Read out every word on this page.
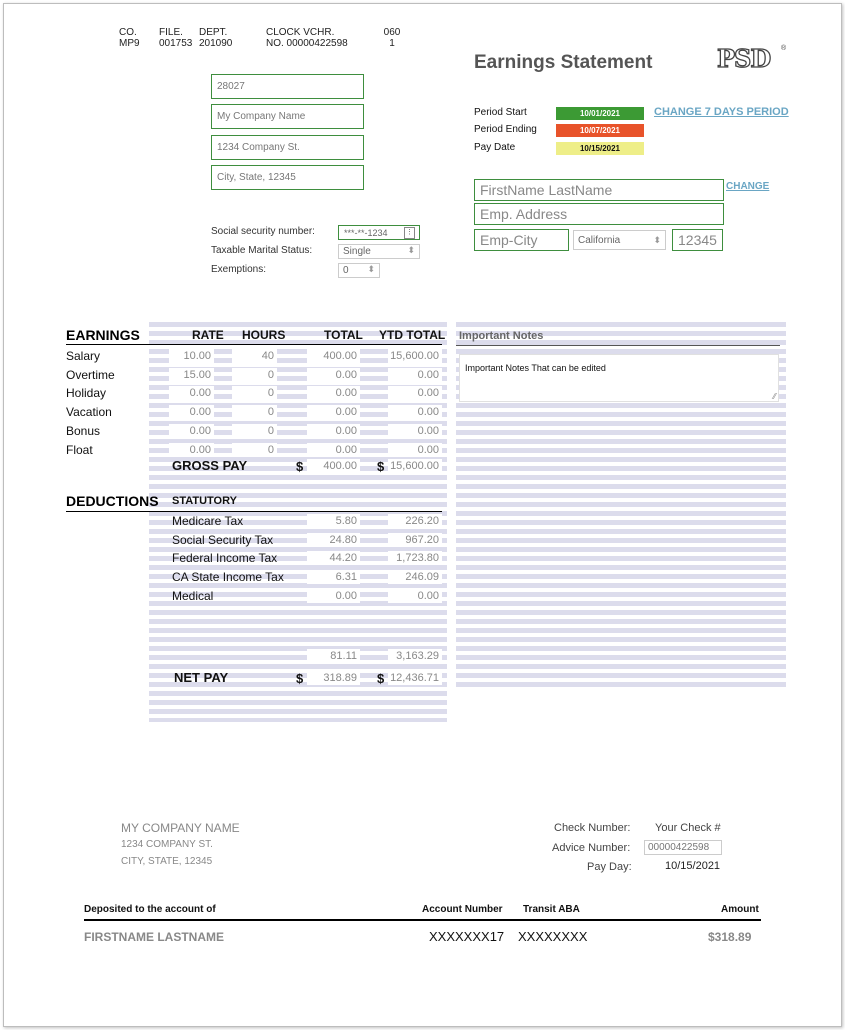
CO.
MP9
FILE.
001753
DEPT.
201090
CLOCK VCHR.
NO. 00000422598
060
1
28027
My Company Name
1234 Company St.
City, State, 12345
Social security number:	***-**-1234	⋮
Taxable Marital Status:	Single	⬍
Exemptions:	0 ⬍
Earnings Statement	PSD ®
Period Start	10/01/2021
Period Ending	10/07/2021
Pay Date	10/15/2021
CHANGE 7 DAYS PERIOD
FirstName LastName	CHANGE
Emp. Address
Emp-City	California	⬍	12345
EARNINGS	RATE HOURS	TOTAL YTD TOTAL
Salary	10.00	40	400.00	15,600.00
Overtime	15.00	0	0.00	0.00
Holiday	0.00	0	0.00	0.00
Vacation	0.00	0	0.00	0.00
Bonus	0.00	0	0.00	0.00
Float	0.00	0	0.00	0.00
GROSS PAY	$	400.00 $ 15,600.00
DEDUCTIONS STATUTORY
Medicare Tax	5.80	226.20
Social Security Tax	24.80	967.20
Federal Income Tax	44.20	1,723.80
CA State Income Tax	6.31	246.09
Medical	0.00	0.00
81.11	3,163.29
NET PAY	$	318.89 $ 12,436.71
Important Notes
Important Notes That can be edited
⁄⁄
MY COMPANY NAME
1234 COMPANY ST.
CITY, STATE, 12345
Check Number: Your Check #
Advice Number:	00000422598
Pay Day:	10/15/2021
Deposited to the account of	Account Number Transit ABA	Amount
FIRSTNAME LASTNAME	XXXXXXX17 XXXXXXXX	$318.89
